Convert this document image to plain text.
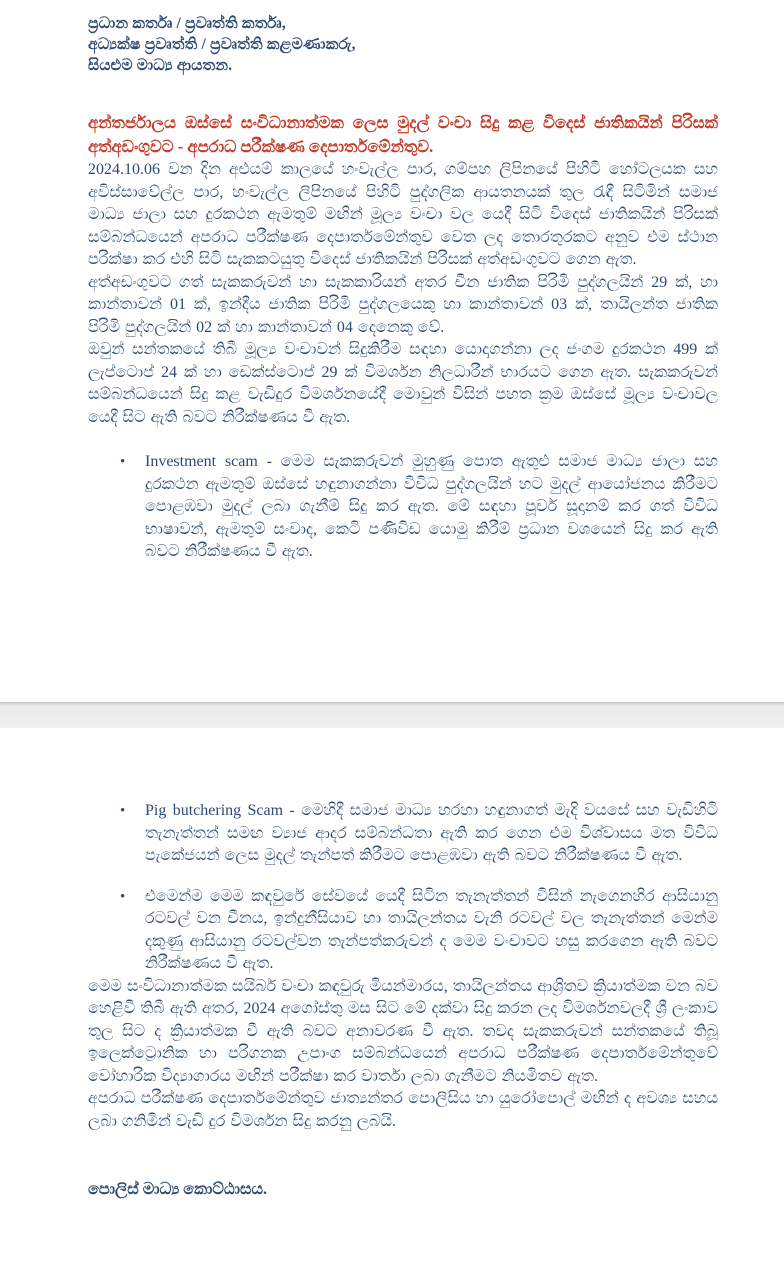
ප්‍රධාන කර්තෘ / ප්‍රවෘත්ති කර්තෘ,
අධ්‍යක්ෂ ප්‍රවෘත්ති / ප්‍රවෘත්ති කළමණාකරු,
සියළුම මාධ්‍ය ආයතන.
අන්තර්ජාලය ඔස්සේ සංවිධානාත්මක ලෙස මුදල් වංචා සිදු කළ විදෙස් ජාතිකයින් පිරිසක් අත්අඩංගුවට - අපරාධ පරීක්ෂණ දෙපාර්තමේන්තුව.

2024.10.06 වන දින අළුයම් කාලයේ හංවැල්ල පාර, ගම්පහ ලිපිනයේ පිහිටි හෝටලයක සහ අවිස්සාවේල්ල පාර, හංවැල්ල ලිපිනයේ පිහිටි පුද්ගලික ආයතනයක් තුල රැඳී සිටිමින් සමාජ මාධ්‍ය ජාලා සහ දුරකථන ඇමතුම් මඟින් මූල්‍ය වංචා වල යෙදී සිටි විදෙස් ජාතිකයින් පිරිසක් සම්බන්ධයෙන් අපරාධ පරීක්ෂණ දෙපාර්තමේන්තුව වෙත ලද තොරතුරකට අනුව එම ස්ථාන පරික්ෂා කර එහි සිටි සැකකටයුතු විදෙස් ජාතිකයින් පිරිසක් අත්අඩංගුවට ගෙන ඇත.

අත්අඩංගුවට ගත් සැකකරුවන් හා සැකකාරියන් අතර චීන ජාතික පිරිමි පුද්ගලයින් 29 ක්, හා කාන්තාවන් 01 ක්, ඉන්දීය ජාතික පිරිමි පුද්ගලයෙකු හා කාන්තාවන් 03 ක්, තායිලන්ත ජාතික පිරිමි පුද්ගලයින් 02 ක් හා කාන්තාවන් 04 දෙනෙකු වේ.

ඔවුන් සන්තකයේ තිබී මූල්‍ය වංචාවන් සිදුකිරීම සඳහා යොදාගන්නා ලද ජංගම දුරකථන 499 ක් ලැප්ටොප් 24 ක් හා ඩෙක්ස්ටොප් 29 ක් විමර්ශන නිලධාරීන් භාරයට ගෙන ඇත. සැකකරුවන් සම්බන්ධයෙන් සිදු කළ වැඩිදුර විමර්ශනයේදී මොවුන් විසින් පහත ක්‍රම ඔස්සේ මූල්‍ය වංචාවල යෙදී සිට ඇති බවට නිරීක්ෂණය වී ඇත.

• Investment scam - මෙම සැකකරුවන් මුහුණු පොත ඇතුළු සමාජ මාධ්‍ය ජාලා සහ දුරකථන ඇමතුම් ඔස්සේ හඳුනාගන්නා විවිධ පුද්ගලයින් හට මුදල් ආයෝජනය කිරීමට පොළඹවා මුදල් ලබා ගැනීම් සිදු කර ඇත. මේ සඳහා පූර්ව සූදානම් කර ගත් විවිධ භාෂාවන්, ඇමතුම් සංවාද, කෙටි පණිවිඩ යොමු කිරීම් ප්‍රධාන වශයෙන් සිදු කර ඇති බවට නිරීක්ෂණය වී ඇත.
• Pig butchering Scam - මෙහිදී සමාජ මාධ්‍ය හරහා හඳුනාගත් මැදි වයසේ සහ වැඩිහිටි තැනැත්තන් සමඟ ව්‍යාජ ආදර සම්බන්ධතා ඇති කර ගෙන එම විශ්වාසය මත විවිධ පැකේජයන් ලෙස මුදල් තැන්පත් කිරීමට පොළඹවා ඇති බවට නිරීක්ෂණය වී ඇත.
• එමෙන්ම මෙම කඳවුරේ සේවයේ යෙදී සිටින තැනැත්තන් විසින් නැගෙනහිර ආසියානු රටවල් වන චීනය, ඉන්දුනීසියාව හා තායිලන්තය වැනි රටවල් වල තැනැත්තන් මෙන්ම දකුණු ආසියානු රටවල්වන තැන්පත්කරුවන් ද මෙම වංචාවට හසු කරගෙන ඇති බවට නිරීක්ෂණය වී ඇත.

මෙම සංවිධානාත්මක සයිබර් වංචා කඳවුරු මියන්මාරය, තායිලන්තය ආශ්‍රිතව ක්‍රියාත්මක වන බව හෙළිවී තිබී ඇති අතර, 2024 අගෝස්තු මස සිට මේ දක්වා සිදු කරන ලද විමර්ශනවලදී ශ්‍රී ලංකාව තුල සිට ද ක්‍රියාත්මක වී ඇති බවට අනාවරණ වී ඇත. තවද සැකකරුවන් සන්තකයේ තිබූ ඉලෙක්ට්‍රොනික හා පරිගනක උපාංග සම්බන්ධයෙන් අපරාධ පරීක්ෂණ දෙපාර්තමේන්තුවේ වෝහාරික විද්‍යාගාරය මඟින් පරීක්ෂා කර වාර්තා ලබා ගැනීමට නියමිතව ඇත.

අපරාධ පරීක්ෂණ දෙපාර්තමේන්තුව ජාත්‍යන්තර පොලිසිය හා යුරෝපොල් මඟින් ද අවශ්‍ය සහය ලබා ගනිමින් වැඩි දුර විමර්ශන සිදු කරනු ලබයි.

පොලිස් මාධ්‍ය කොට්ඨාසය.
